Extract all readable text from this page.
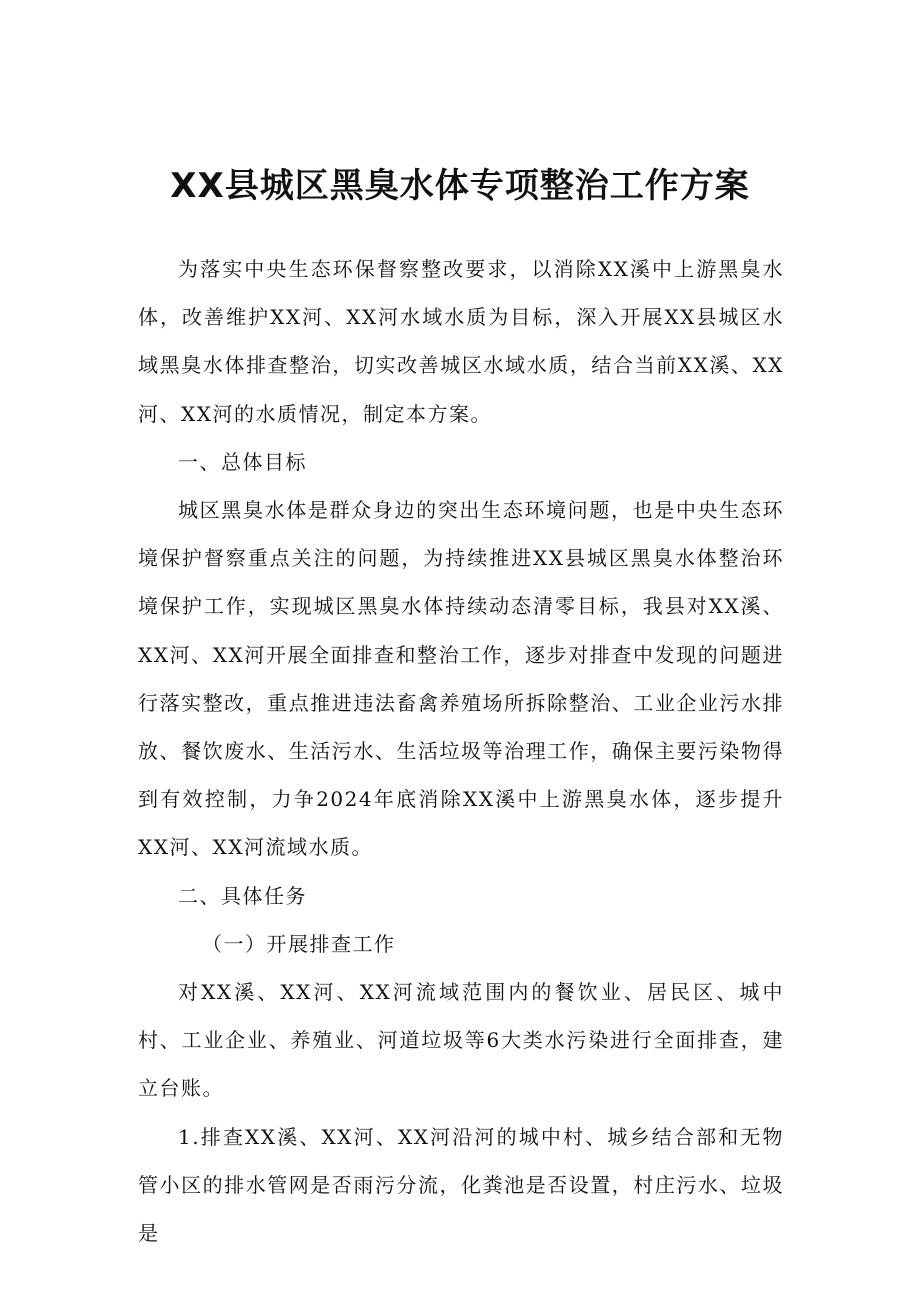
XX县城区黑臭水体专项整治工作方案

为落实中央生态环保督察整改要求，以消除XX溪中上游黑臭水体，改善维护XX河、XX河水域水质为目标，深入开展XX县城区水域黑臭水体排查整治，切实改善城区水域水质，结合当前XX溪、XX河、XX河的水质情况，制定本方案。

一、总体目标

城区黑臭水体是群众身边的突出生态环境问题，也是中央生态环境保护督察重点关注的问题，为持续推进XX县城区黑臭水体整治环境保护工作，实现城区黑臭水体持续动态清零目标，我县对XX溪、XX河、XX河开展全面排查和整治工作，逐步对排查中发现的问题进行落实整改，重点推进违法畜禽养殖场所拆除整治、工业企业污水排放、餐饮废水、生活污水、生活垃圾等治理工作，确保主要污染物得到有效控制，力争2024年底消除XX溪中上游黑臭水体，逐步提升XX河、XX河流域水质。

二、具体任务

（一）开展排查工作

对XX溪、XX河、XX河流域范围内的餐饮业、居民区、城中村、工业企业、养殖业、河道垃圾等6大类水污染进行全面排查，建立台账。

1.排查XX溪、XX河、XX河沿河的城中村、城乡结合部和无物管小区的排水管网是否雨污分流，化粪池是否设置，村庄污水、垃圾是
